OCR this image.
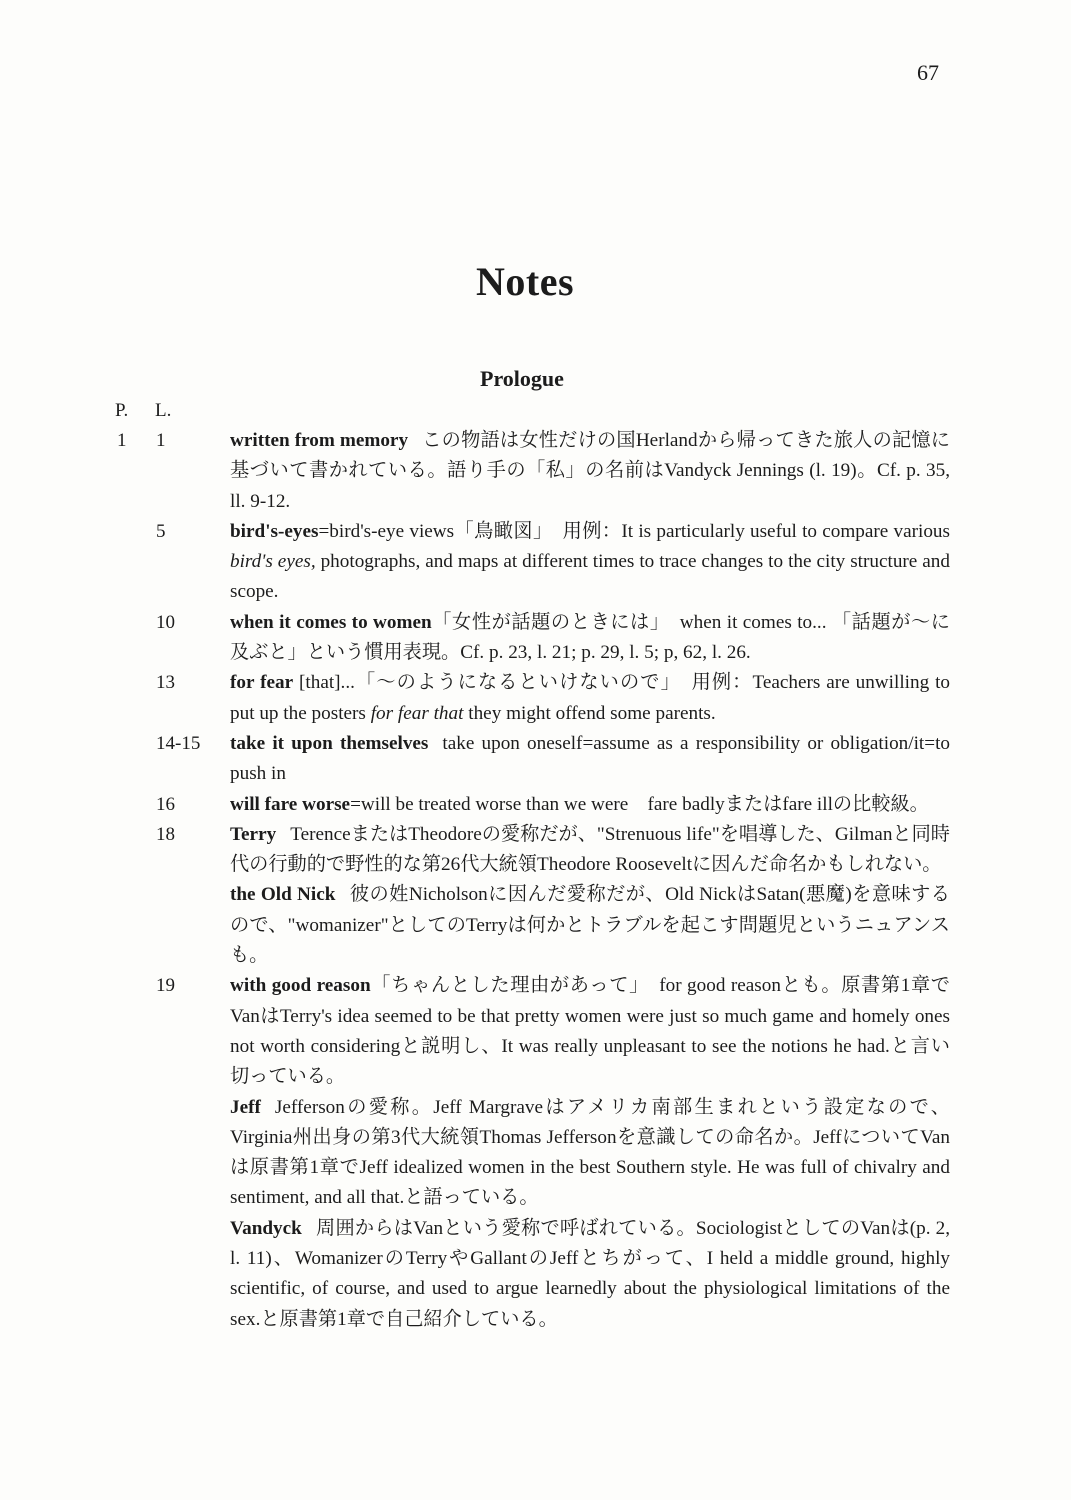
67
Notes
Prologue
P. L.
1 1	written from memory この物語は女性だけの国Herlandから帰ってきた旅人の記憶に基づいて書かれている。語り手の「私」の名前はVandyck Jennings (l. 19)。Cf. p. 35, ll. 9-12.

5	bird's-eyes=bird's-eye views「鳥瞰図」　用例：It is particularly useful to compare various bird's eyes, photographs, and maps at different times to trace changes to the city structure and scope.

10	when it comes to women「女性が話題のときには」　when it comes to... 「話題が～に及ぶと」という慣用表現。Cf. p. 23, l. 21; p. 29, l. 5; p, 62, l. 26.

13	for fear [that]...「～のようになるといけないので」　用例：Teachers are unwilling to put up the posters for fear that they might offend some parents.

14-15 take it upon themselves take upon oneself=assume as a responsibility or obligation/it=to push in

16	will fare worse=will be treated worse than we were　fare badlyまたはfare illの比較級。

18	Terry TerenceまたはTheodoreの愛称だが、"Strenuous life"を唱導した、Gilmanと同時代の行動的で野性的な第26代大統領Theodore Rooseveltに因んだ命名かもしれない。

the Old Nick 彼の姓Nicholsonに因んだ愛称だが、Old NickはSatan(悪魔)を意味するので、"womanizer"としてのTerryは何かとトラブルを起こす問題児というニュアンスも。

19	with good reason「ちゃんとした理由があって」　for good reasonとも。原書第1章でVanはTerry's idea seemed to be that pretty women were just so much game and homely ones not worth consideringと説明し、It was really unpleasant to see the notions he had.と言い切っている。

Jeff Jeffersonの愛称。Jeff Margraveはアメリカ南部生まれという設定なので、Virginia州出身の第3代大統領Thomas Jeffersonを意識しての命名か。JeffについてVanは原書第1章でJeff idealized women in the best Southern style. He was full of chivalry and sentiment, and all that.と語っている。

Vandyck 周囲からはVanという愛称で呼ばれている。SociologistとしてのVanは(p. 2, l. 11)、WomanizerのTerryやGallantのJeffとちがって、I held a middle ground, highly scientific, of course, and used to argue learnedly about the physiological limitations of the sex.と原書第1章で自己紹介している。
